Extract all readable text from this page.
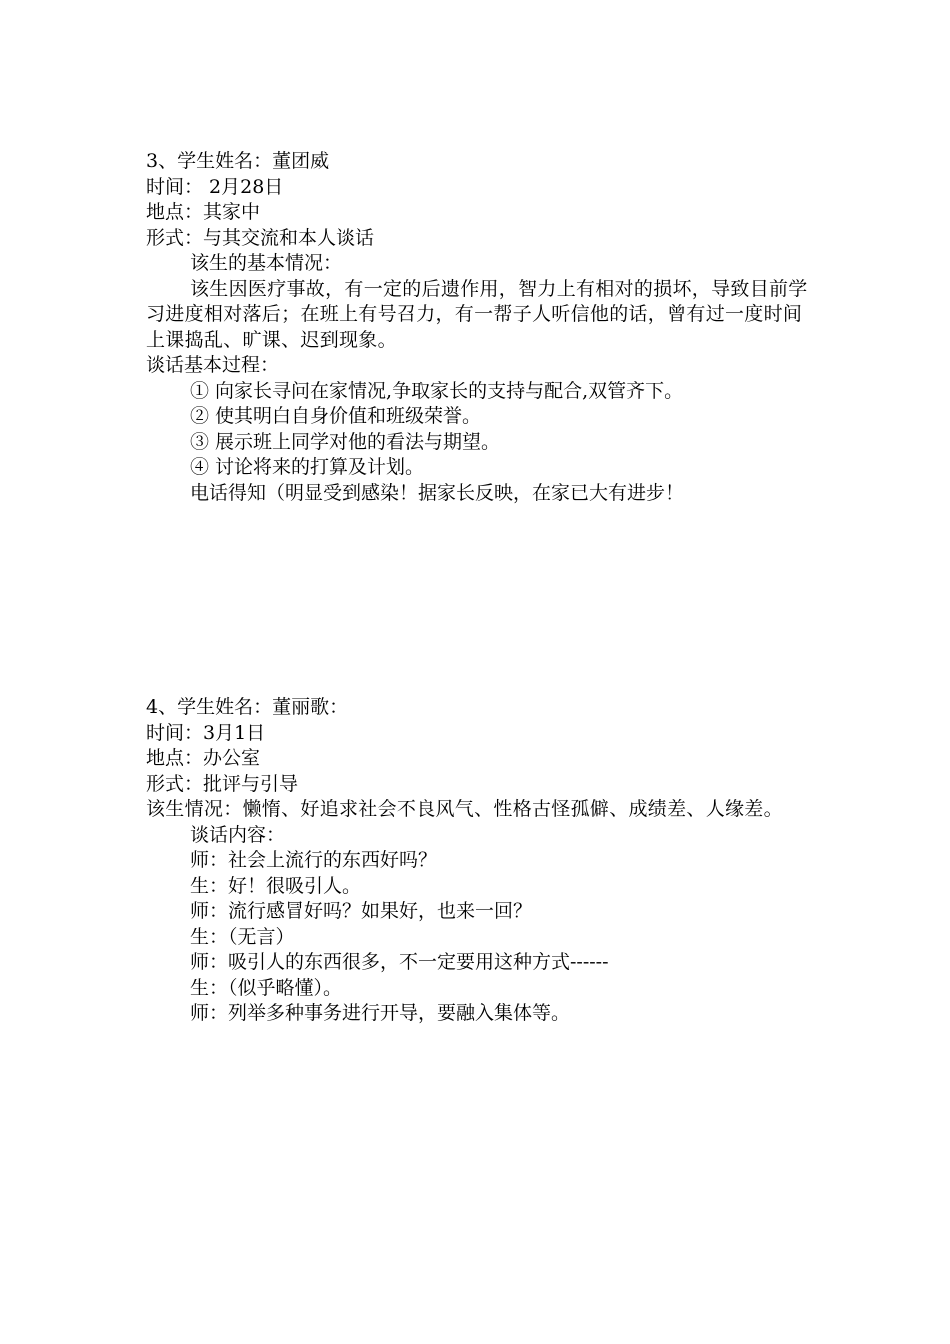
3、学生姓名：董团威
时间： 2月28日
地点：其家中
形式：与其交流和本人谈话
该生的基本情况：
该生因医疗事故，有一定的后遗作用，智力上有相对的损坏，导致目前学习进度相对落后；在班上有号召力，有一帮子人听信他的话，曾有过一度时间上课捣乱、旷课、迟到现象。
谈话基本过程：
① 向家长寻问在家情况,争取家长的支持与配合,双管齐下。
② 使其明白自身价值和班级荣誉。
③ 展示班上同学对他的看法与期望。
④ 讨论将来的打算及计划。
电话得知（明显受到感染！据家长反映，在家已大有进步！
4、学生姓名：董丽歌：
时间：3月1日
地点：办公室
形式：批评与引导
该生情况：懒惰、好追求社会不良风气、性格古怪孤僻、成绩差、人缘差。
谈话内容：
师：社会上流行的东西好吗？
生：好！很吸引人。
师：流行感冒好吗？如果好，也来一回？
生：（无言）
师：吸引人的东西很多，不一定要用这种方式------
生：（似乎略懂）。
师：列举多种事务进行开导，要融入集体等。
